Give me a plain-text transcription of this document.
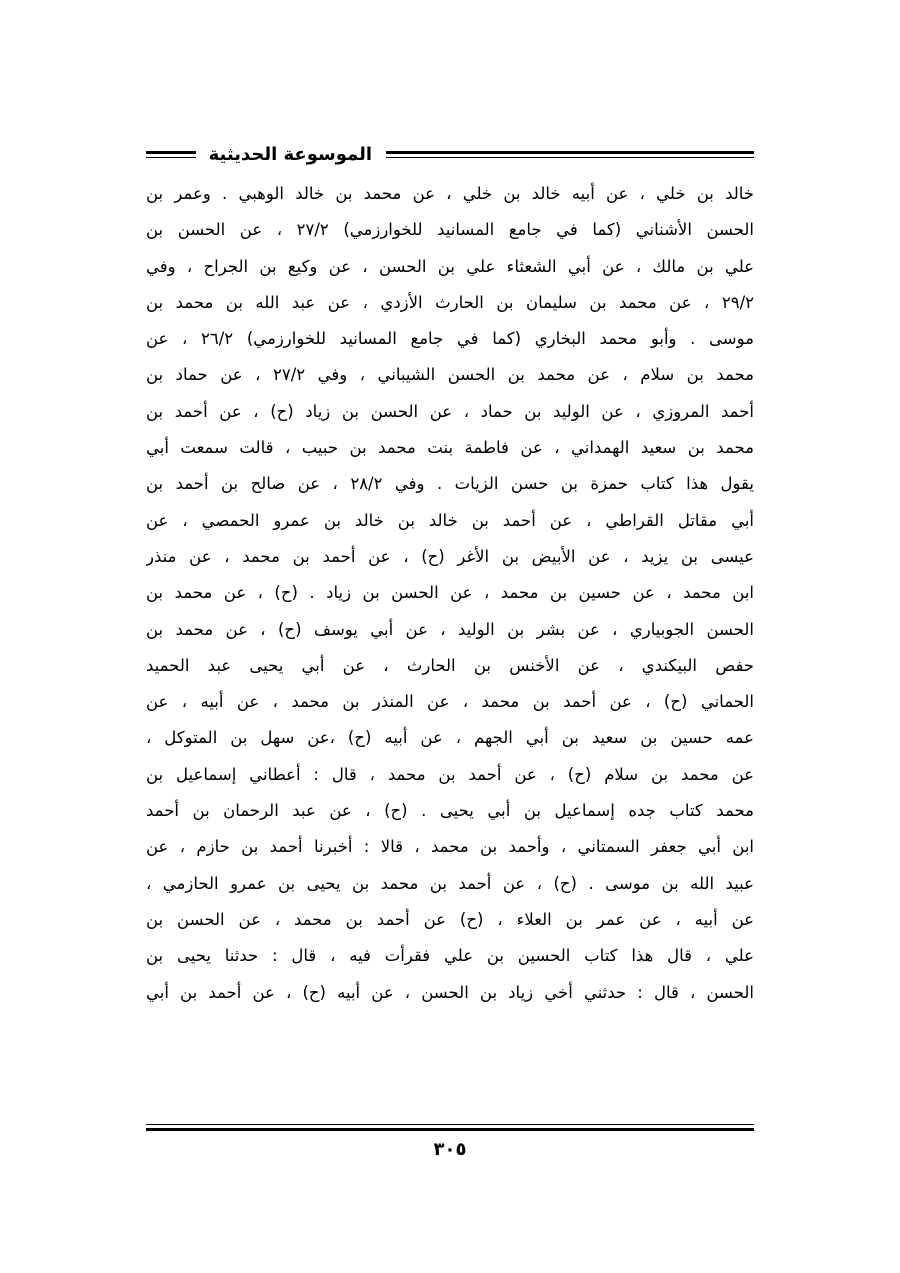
الموسوعة الحديثية
خالد بن خلي ، عن أبيه خالد بن خلي ، عن محمد بن خالد الوهبي . وعمر بن
الحسن الأشناني (كما في جامع المسانيد للخوارزمي) ٢٧/٢ ، عن الحسن بن
علي بن مالك ، عن أبي الشعثاء علي بن الحسن ، عن وكيع بن الجراح ، وفي
٢٩/٢ ، عن محمد بن سليمان بن الحارث الأزدي ، عن عبد الله بن محمد بن
موسى . وأبو محمد البخاري (كما في جامع المسانيد للخوارزمي) ٢٦/٢ ، عن
محمد بن سلام ، عن محمد بن الحسن الشيباني ، وفي ٢٧/٢ ، عن حماد بن
أحمد المروزي ، عن الوليد بن حماد ، عن الحسن بن زياد (ح) ، عن أحمد بن
محمد بن سعيد الهمداني ، عن فاطمة بنت محمد بن حبيب ، قالت سمعت أبي
يقول هذا كتاب حمزة بن حسن الزيات . وفي ٢٨/٢ ، عن صالح بن أحمد بن
أبي مقاتل القراطي ، عن أحمد بن خالد بن خالد بن عمرو الحمصي ، عن
عيسى بن يزيد ، عن الأبيض بن الأغر (ح) ، عن أحمد بن محمد ، عن منذر
ابن محمد ، عن حسين بن محمد ، عن الحسن بن زياد . (ح) ، عن محمد بن
الحسن الجوبياري ، عن بشر بن الوليد ، عن أبي يوسف (ح) ، عن محمد بن
حفص البيكندي ، عن الأخنس بن الحارث ، عن أبي يحيى عبد الحميد
الحماني (ح) ، عن أحمد بن محمد ، عن المنذر بن محمد ، عن أبيه ، عن
عمه حسين بن سعيد بن أبي الجهم ، عن أبيه (ح) ،عن سهل بن المتوكل ،
عن محمد بن سلام (ح) ، عن أحمد بن محمد ، قال : أعطاني إسماعيل بن
محمد كتاب جده إسماعيل بن أبي يحيى . (ح) ، عن عبد الرحمان بن أحمد
ابن أبي جعفر السمتاني ، وأحمد بن محمد ، قالا : أخبرنا أحمد بن حازم ، عن
عبيد الله بن موسى . (ح) ، عن أحمد بن محمد بن يحيى بن عمرو الحازمي ،
عن أبيه ، عن عمر بن العلاء ، (ح) عن أحمد بن محمد ، عن الحسن بن
علي ، قال هذا كتاب الحسين بن علي فقرأت فيه ، قال : حدثنا يحيى بن
الحسن ، قال : حدثني أخي زياد بن الحسن ، عن أبيه (ح) ، عن أحمد بن أبي
٣٠٥
